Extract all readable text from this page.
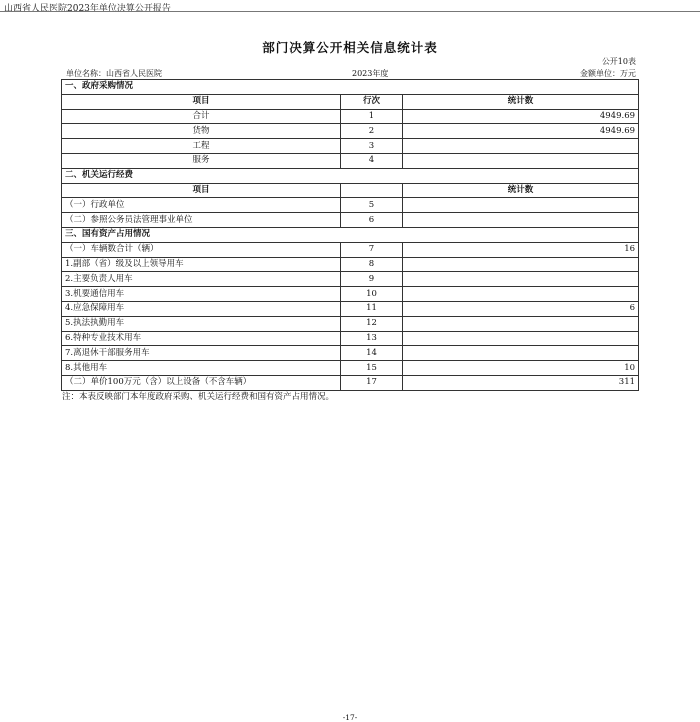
山西省人民医院2023年单位决算公开报告
部门决算公开相关信息统计表
公开10表
单位名称：山西省人民医院	2023年度	金额单位：万元
一、政府采购情况		
项目	行次	统计数
合计	1	4949.69
货物	2	4949.69
工程	3	
服务	4	
二、机关运行经费		
项目		统计数
（一）行政单位	5	
（二）参照公务员法管理事业单位	6	
三、国有资产占用情况		
（一）车辆数合计（辆）	7	16
1.副部（省）级及以上领导用车	8	
2.主要负责人用车	9	
3.机要通信用车	10	
4.应急保障用车	11	6
5.执法执勤用车	12	
6.特种专业技术用车	13	
7.离退休干部服务用车	14	
8.其他用车	15	10
（二）单价100万元（含）以上设备（不含车辆）	17	311
注：本表反映部门本年度政府采购、机关运行经费和国有资产占用情况。
-17-
